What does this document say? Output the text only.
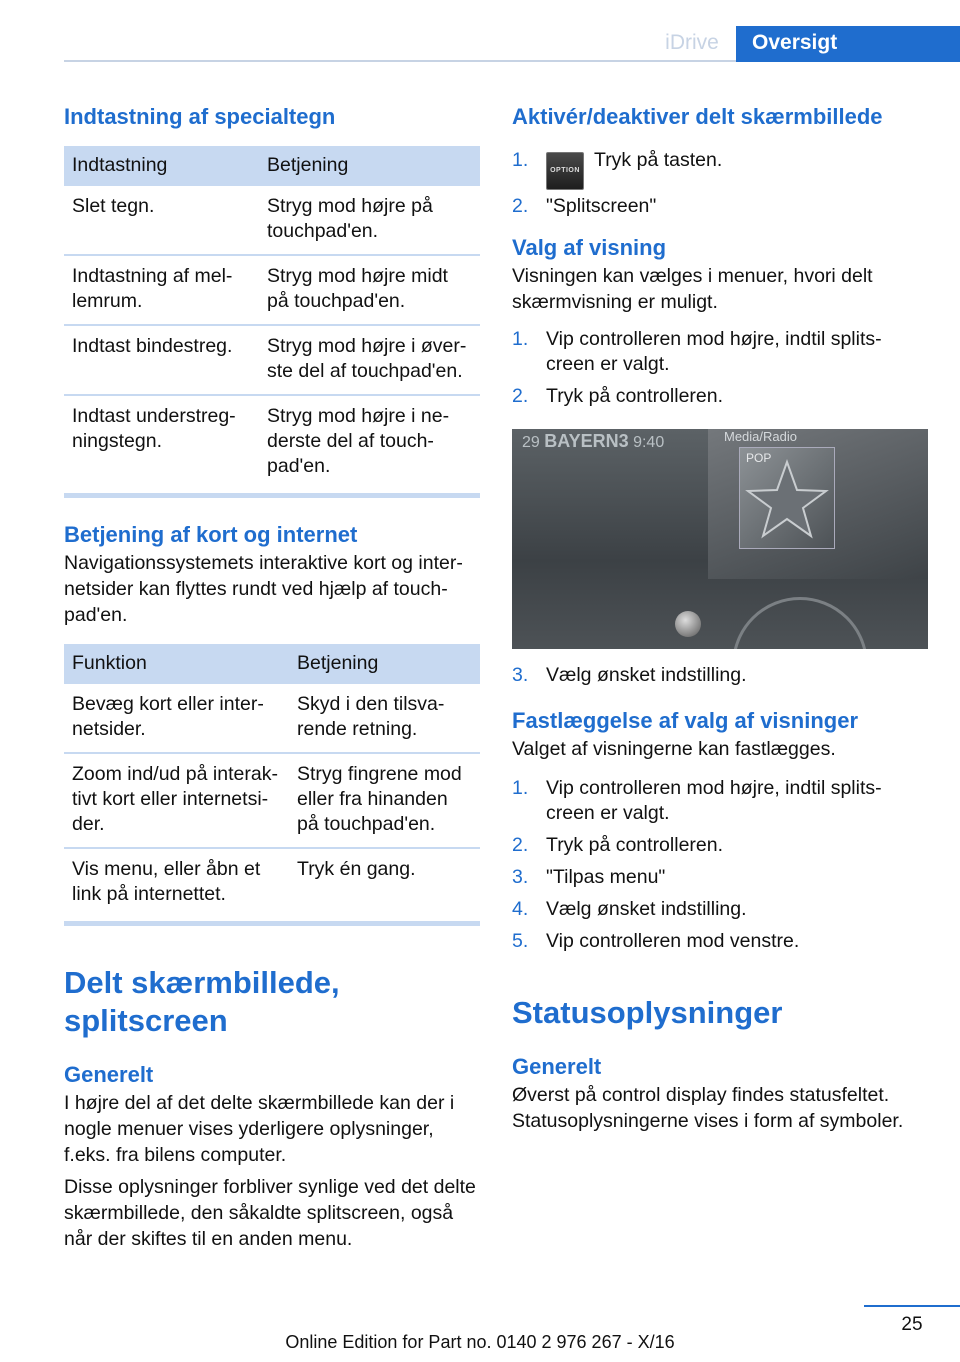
iDrive	Oversigt
Indtastning af specialtegn
Indtastning	Betjening
Slet tegn.	Stryg mod højre på touchpad'en.
Indtastning af mel-lemrum.	Stryg mod højre midt på touchpad'en.
Indtast bindestreg.	Stryg mod højre i øver-ste del af touchpad'en.
Indtast understreg-ningstegn.	Stryg mod højre i ne-derste del af touch-pad'en.
Betjening af kort og internet

Navigationssystemets interaktive kort og inter-netsider kan flyttes rundt ved hjælp af touch-pad'en.

Funktion	Betjening
Bevæg kort eller inter-netsider.	Skyd i den tilsva-rende retning.
Zoom ind/ud på interak-tivt kort eller internetsi-der.	Stryg fingrene mod eller fra hinanden på touchpad'en.
Vis menu, eller åbn et link på internettet.	Tryk én gang.
Delt skærmbillede, splitscreen
Generelt

I højre del af det delte skærmbillede kan der i nogle menuer vises yderligere oplysninger, f.eks. fra bilens computer.

Disse oplysninger forbliver synlige ved det delte skærmbillede, den såkaldte splitscreen, også når der skiftes til en anden menu.

Aktivér/deaktiver delt skærmbillede
1.	OPTION Tryk på tasten.
2. "Splitscreen"
Valg af visning

Visningen kan vælges i menuer, hvori delt skærmvisning er muligt.

1. Vip controlleren mod højre, indtil splits-creen er valgt.
2. Tryk på controlleren.
29 BAYERN3 9:40	Media/Radio
POP
3. Vælg ønsket indstilling.
Fastlæggelse af valg af visninger

Valget af visningerne kan fastlægges.

1. Vip controlleren mod højre, indtil splits-creen er valgt.
2. Tryk på controlleren.
3. "Tilpas menu"
4. Vælg ønsket indstilling.
5. Vip controlleren mod venstre.
Statusoplysninger
Generelt

Øverst på control display findes statusfeltet. Statusoplysningerne vises i form af symboler.

25
Online Edition for Part no. 0140 2 976 267 - X/16
